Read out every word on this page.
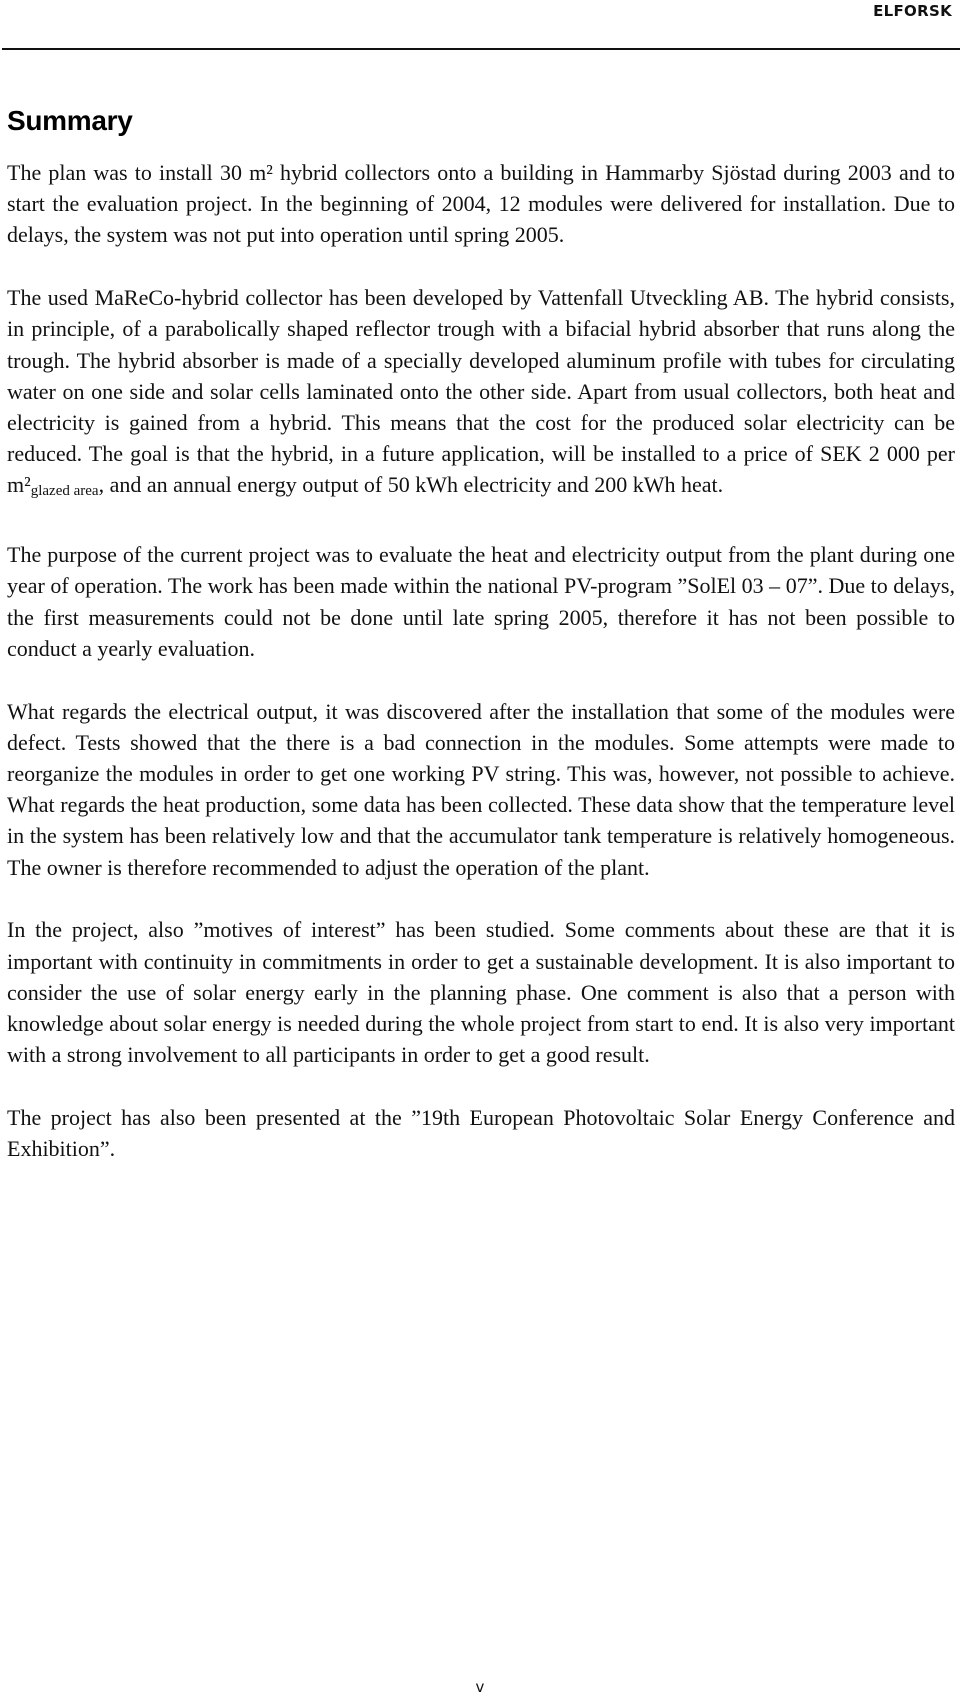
ELFORSK
Summary

The plan was to install 30 m² hybrid collectors onto a building in Hammarby Sjöstad during 2003 and to start the evaluation project. In the beginning of 2004, 12 modules were delivered for installation. Due to delays, the system was not put into operation until spring 2005.

The used MaReCo-hybrid collector has been developed by Vattenfall Utveckling AB. The hybrid consists, in principle, of a parabolically shaped reflector trough with a bifacial hybrid absorber that runs along the trough. The hybrid absorber is made of a specially developed aluminum profile with tubes for circulating water on one side and solar cells laminated onto the other side. Apart from usual collectors, both heat and electricity is gained from a hybrid. This means that the cost for the produced solar electricity can be reduced. The goal is that the hybrid, in a future application, will be installed to a price of SEK 2 000 per $m^2_{glazed area}$, and an annual energy output of 50 kWh electricity and 200 kWh heat.

The purpose of the current project was to evaluate the heat and electricity output from the plant during one year of operation. The work has been made within the national PV-program ”SolEl 03 – 07”. Due to delays, the first measurements could not be done until late spring 2005, therefore it has not been possible to conduct a yearly evaluation.

What regards the electrical output, it was discovered after the installation that some of the modules were defect. Tests showed that the there is a bad connection in the modules. Some attempts were made to reorganize the modules in order to get one working PV string. This was, however, not possible to achieve. What regards the heat production, some data has been collected. These data show that the temperature level in the system has been relatively low and that the accumulator tank temperature is relatively homogeneous. The owner is therefore recommended to adjust the operation of the plant.

In the project, also ”motives of interest” has been studied. Some comments about these are that it is important with continuity in commitments in order to get a sustainable development. It is also important to consider the use of solar energy early in the planning phase. One comment is also that a person with knowledge about solar energy is needed during the whole project from start to end. It is also very important with a strong involvement to all participants in order to get a good result.

The project has also been presented at the ”19th European Photovoltaic Solar Energy Conference and Exhibition”.

v
